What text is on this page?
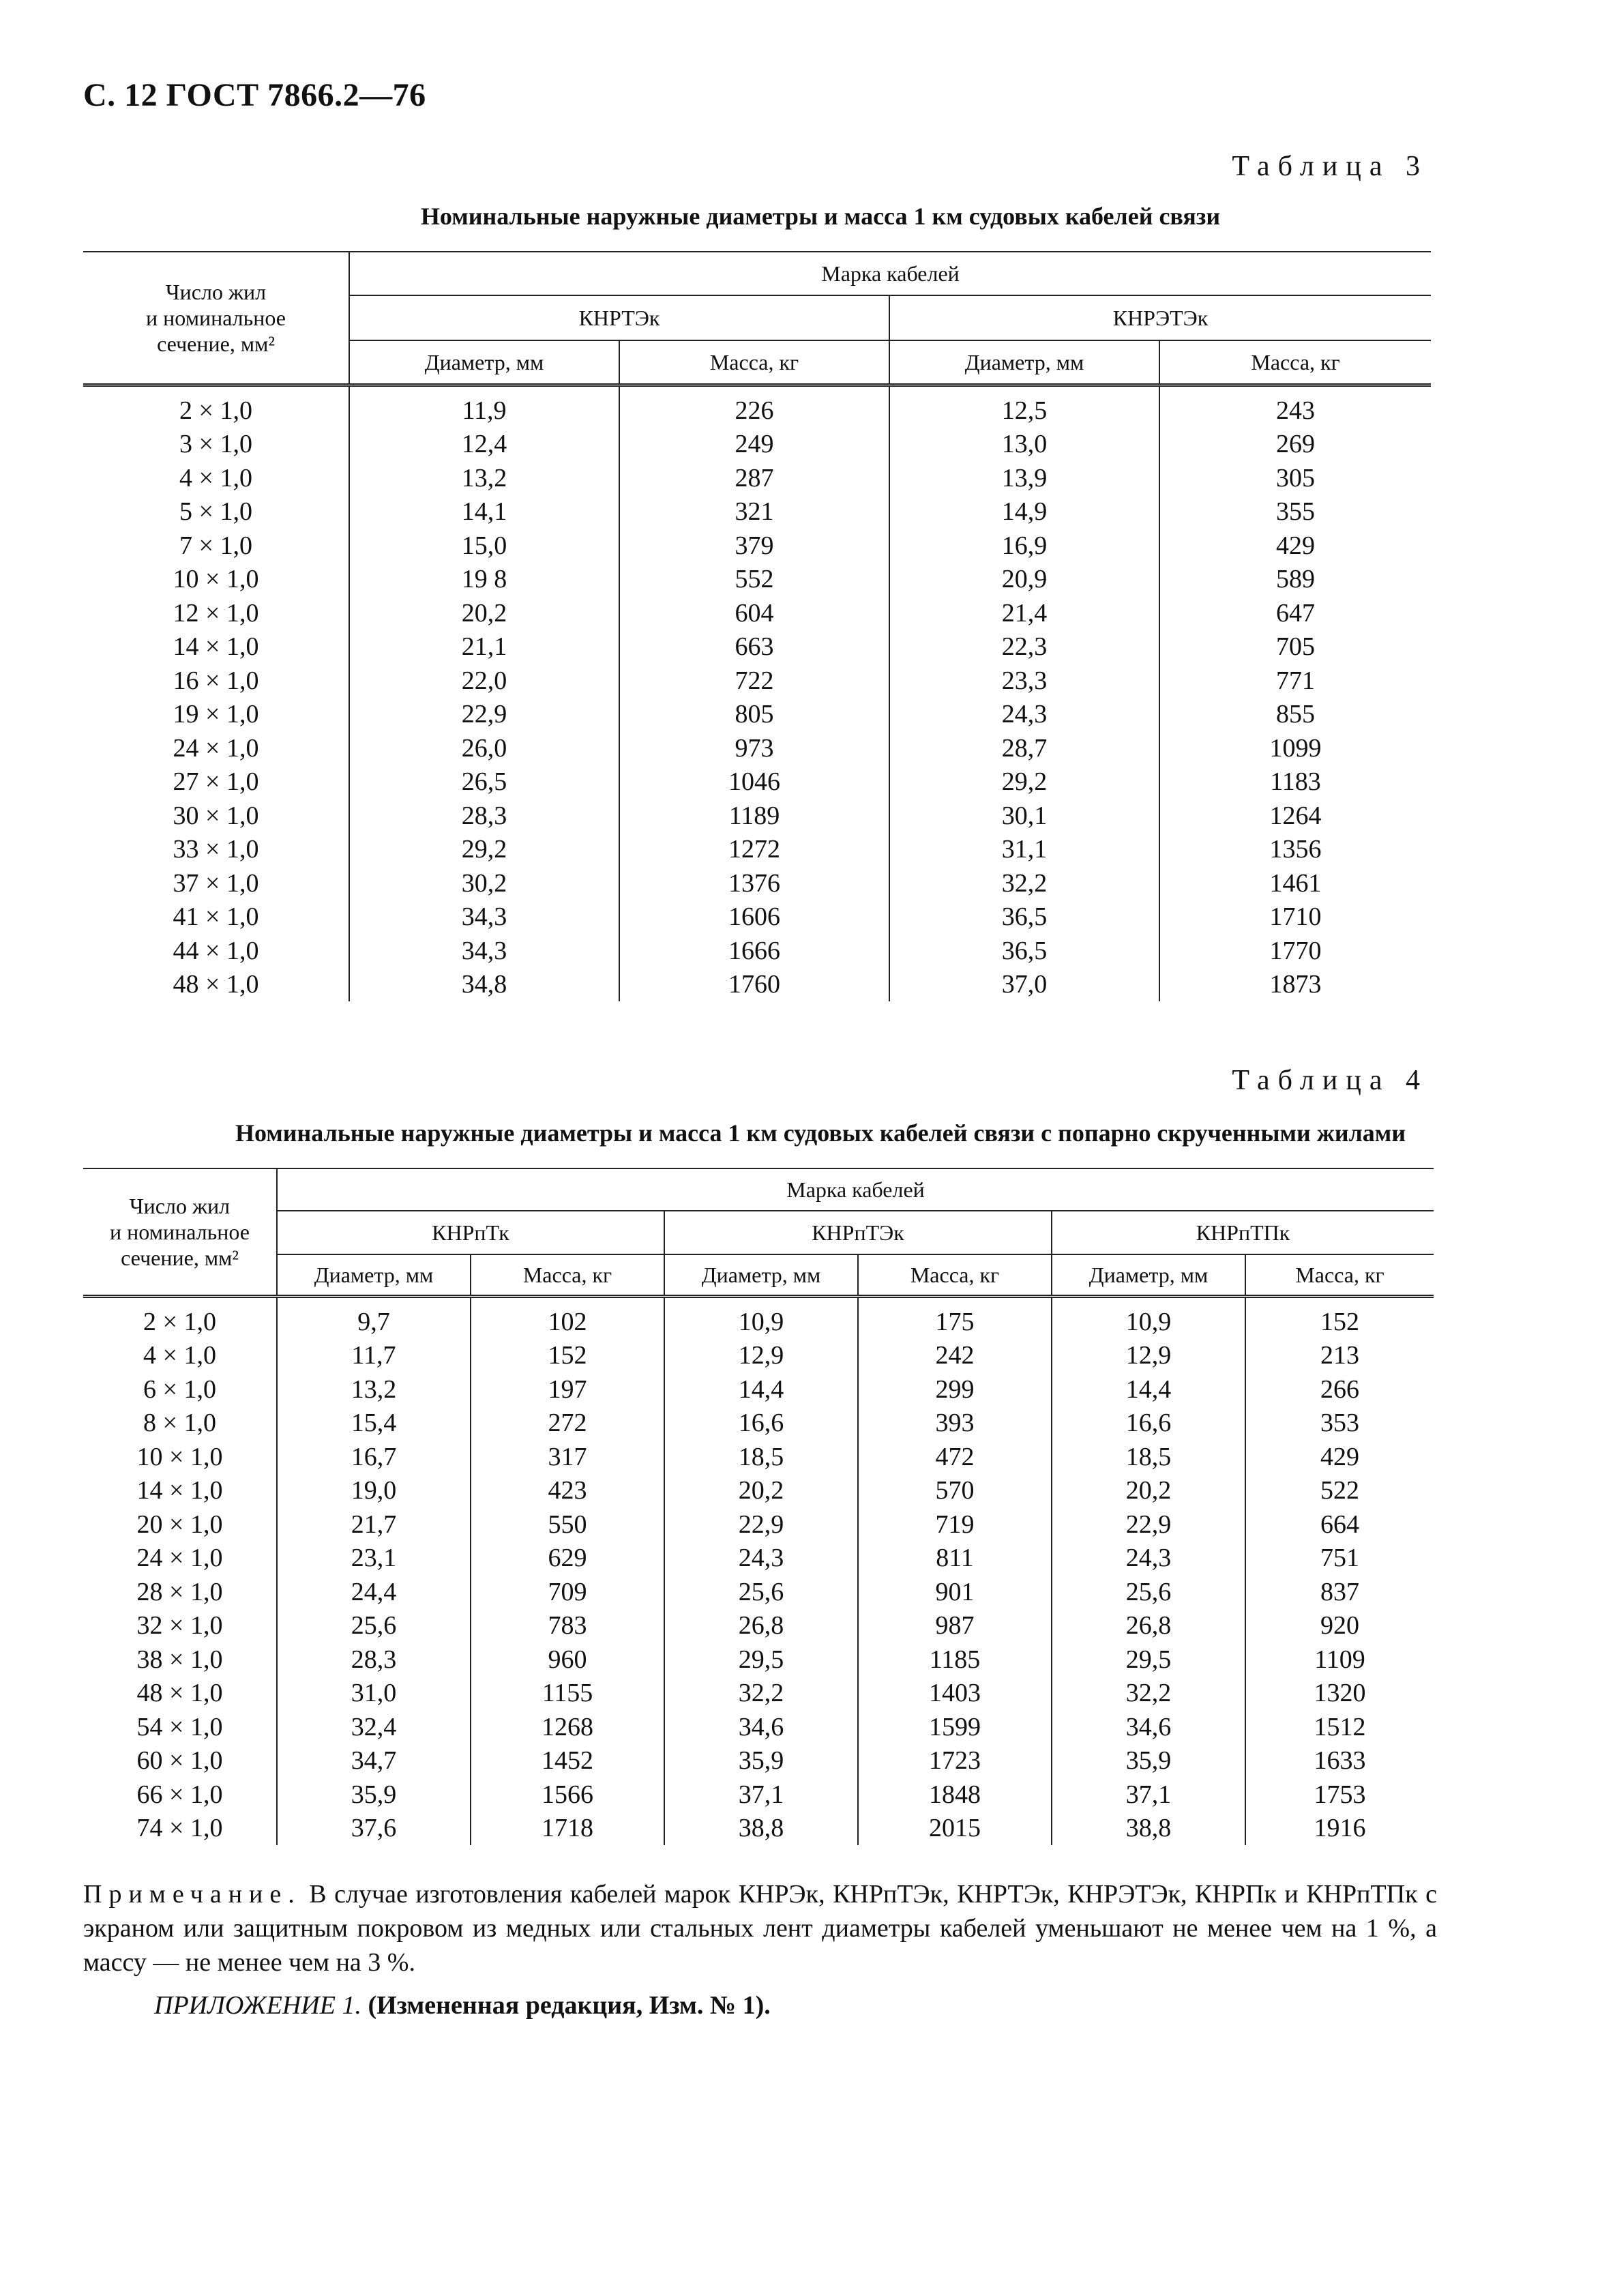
С. 12 ГОСТ 7866.2—76
Таблица 3
Номинальные наружные диаметры и масса 1 км судовых кабелей связи
Число жил
и номинальное
сечение, мм²	Марка кабелей			
	КНРТЭк		КНРЭТЭк	
	Диаметр, мм	Масса, кг	Диаметр, мм	Масса, кг
2 × 1,0	11,9	226	12,5	243
3 × 1,0	12,4	249	13,0	269
4 × 1,0	13,2	287	13,9	305
5 × 1,0	14,1	321	14,9	355
7 × 1,0	15,0	379	16,9	429
10 × 1,0	19 8	552	20,9	589
12 × 1,0	20,2	604	21,4	647
14 × 1,0	21,1	663	22,3	705
16 × 1,0	22,0	722	23,3	771
19 × 1,0	22,9	805	24,3	855
24 × 1,0	26,0	973	28,7	1099
27 × 1,0	26,5	1046	29,2	1183
30 × 1,0	28,3	1189	30,1	1264
33 × 1,0	29,2	1272	31,1	1356
37 × 1,0	30,2	1376	32,2	1461
41 × 1,0	34,3	1606	36,5	1710
44 × 1,0	34,3	1666	36,5	1770
48 × 1,0	34,8	1760	37,0	1873
Таблица 4
Номинальные наружные диаметры и масса 1 км судовых кабелей связи с попарно скрученными жилами
Число жил
и номинальное
сечение, мм²	Марка кабелей					
	КНРпТк		КНРпТЭк		КНРпТПк	
	Диаметр, мм	Масса, кг	Диаметр, мм	Масса, кг	Диаметр, мм	Масса, кг
2 × 1,0	9,7	102	10,9	175	10,9	152
4 × 1,0	11,7	152	12,9	242	12,9	213
6 × 1,0	13,2	197	14,4	299	14,4	266
8 × 1,0	15,4	272	16,6	393	16,6	353
10 × 1,0	16,7	317	18,5	472	18,5	429
14 × 1,0	19,0	423	20,2	570	20,2	522
20 × 1,0	21,7	550	22,9	719	22,9	664
24 × 1,0	23,1	629	24,3	811	24,3	751
28 × 1,0	24,4	709	25,6	901	25,6	837
32 × 1,0	25,6	783	26,8	987	26,8	920
38 × 1,0	28,3	960	29,5	1185	29,5	1109
48 × 1,0	31,0	1155	32,2	1403	32,2	1320
54 × 1,0	32,4	1268	34,6	1599	34,6	1512
60 × 1,0	34,7	1452	35,9	1723	35,9	1633
66 × 1,0	35,9	1566	37,1	1848	37,1	1753
74 × 1,0	37,6	1718	38,8	2015	38,8	1916
Примечание. В случае изготовления кабелей марок КНРЭк, КНРпТЭк, КНРТЭк, КНРЭТЭк, КНРПк и КНРпТПк с экраном или защитным покровом из медных или стальных лент диаметры кабелей уменьшают не менее чем на 1 %, а массу — не менее чем на 3 %.
ПРИЛОЖЕНИЕ 1. (Измененная редакция, Изм. № 1).
